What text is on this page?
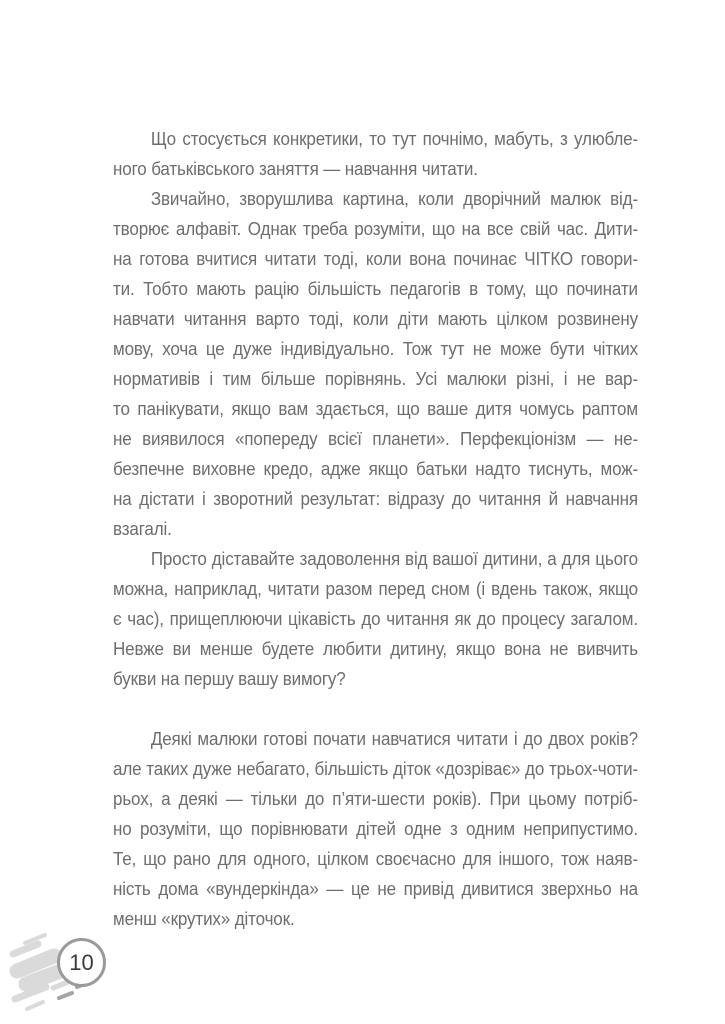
Що стосується конкретики, то тут почнімо, мабуть, з улюбле-
ного батьківського заняття — навчання читати.
Звичайно, зворушлива картина, коли дворічний малюк від-
творює алфавіт. Однак треба розуміти, що на все свій час. Дити-
на готова вчитися читати тоді, коли вона починає ЧІТКО говори-
ти. Тобто мають рацію більшість педагогів в тому, що починати
навчати читання варто тоді, коли діти мають цілком розвинену
мову, хоча це дуже індивідуально. Тож тут не може бути чітких
нормативів і тим більше порівнянь. Усі малюки різні, і не вар-
то панікувати, якщо вам здається, що ваше дитя чомусь раптом
не виявилося «попереду всієї планети». Перфекціонізм — не-
безпечне виховне кредо, адже якщо батьки надто тиснуть, мож-
на дістати і зворотний результат: відразу до читання й навчання
взагалі.
Просто діставайте задоволення від вашої дитини, а для цього
можна, наприклад, читати разом перед сном (і вдень також, якщо
є час), прищеплюючи цікавість до читання як до процесу загалом.
Невже ви менше будете любити дитину, якщо вона не вивчить
букви на першу вашу вимогу?
Деякі малюки готові почати навчатися читати і до двох років?
але таких дуже небагато, більшість діток «дозріває» до трьох-чоти-
рьох, а деякі — тільки до п’яти-шести років). При цьому потріб-
но розуміти, що порівнювати дітей одне з одним неприпустимо.
Те, що рано для одного, цілком своєчасно для іншого, тож наяв-
ність дома «вундеркінда» — це не привід дивитися зверхньо на
менш «крутих» діточок.
10
